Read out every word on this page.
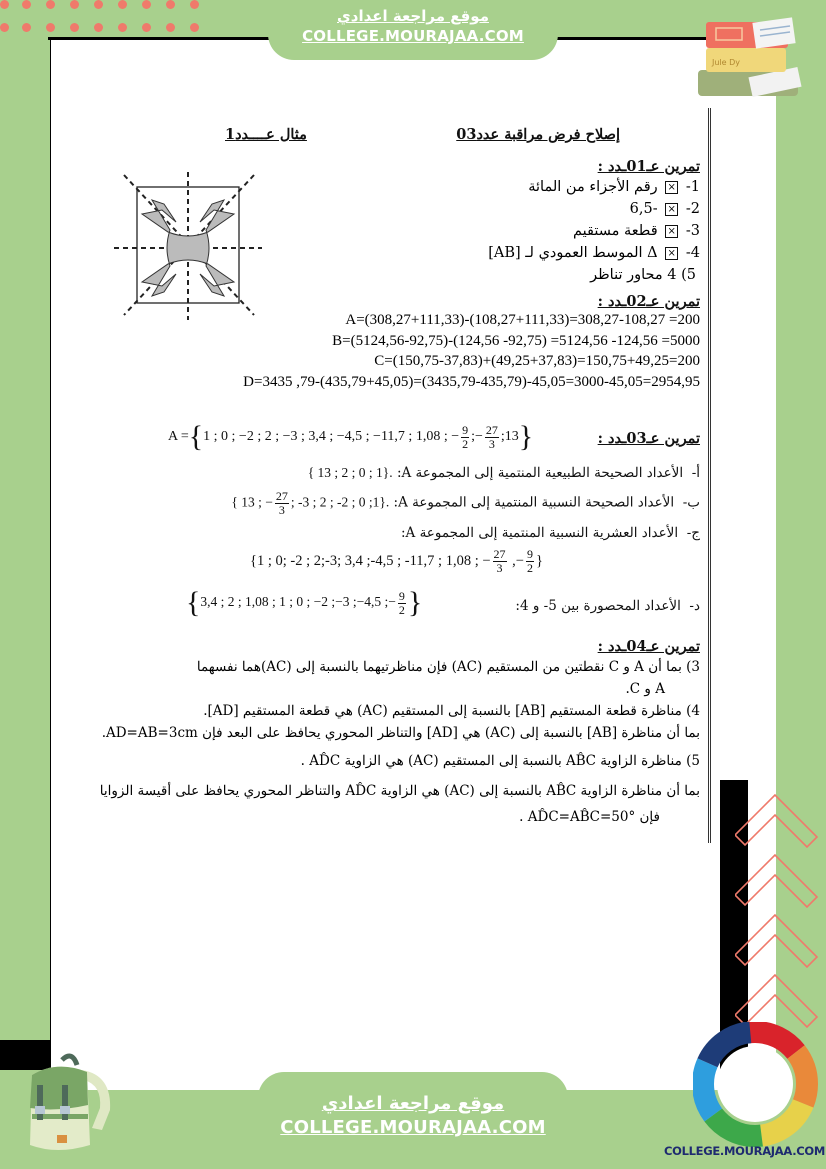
موقع مراجعة اعدادي
COLLEGE.MOURAJAA.COM
موقع مراجعة اعدادي
COLLEGE.MOURAJAA.COM
Jule Dy
إصلاح فرض مراقبة عدد03
مثال عــــدد1
تمرين عـ01ـدد :
1- × رقم الأجزاء من المائة
2- × -6,5
3- × قطعة مستقيم
4- × Δ الموسط العمودي لـ [AB]
5) 4 محاور تناظر
تمرين عـ02ـدد :
A=(308,27+111,33)-(108,27+111,33)=308,27-108,27 =200
B=(5124,56-92,75)-(124,56 -92,75) =5124,56 -124,56 =5000
C=(150,75-37,83)+(49,25+37,83)=150,75+49,25=200
D=3435 ,79-(435,79+45,05)=(3435,79-435,79)-45,05=3000-45,05=2954,95
تمرين عـ03ـدد :
A ={1 ; 0 ; −2 ; 2 ; −3 ; 3,4 ; −4,5 ; −11,7 ; 1,08 ; − $\frac{9}{2}$ ;− $\frac{27}{3}$ ;13}
أ-  الأعداد الصحيحة الطبيعية المنتمية إلى المجموعة A: { 13 ; 2 ; 0 ; 1}.
ب-  الأعداد الصحيحة النسبية المنتمية إلى المجموعة A: { 13 ; − $\frac{27}{3}$ ; -3 ; 2 ; -2 ; 0 ;1}.
ج-  الأعداد العشرية النسبية المنتمية إلى المجموعة A:
{1 ; 0; -2 ; 2;-3; 3,4 ;-4,5 ; -11,7 ; 1,08 ; − $\frac{27}{3}$ ,− $\frac{9}{2}$ }
د-  الأعداد المحصورة بين 5- و 4:
{3,4 ; 2 ; 1,08 ; 1 ; 0 ; −2 ;−3 ;−4,5 ;− $\frac{9}{2}$ }
تمرين عـ04ـدد :
3) بما أن A و C نقطتين من المستقيم (AC) فإن مناظرتيهما بالنسبة إلى (AC)هما نفسهما
A و C.
4) مناظرة قطعة المستقيم [AB] بالنسبة إلى المستقيم (AC) هي قطعة المستقيم [AD].
بما أن مناظرة [AB] بالنسبة إلى (AC) هي [AD] والتناظر المحوري يحافظ على البعد فإن AD=AB=3cm.
5) مناظرة الزاوية AB̂C بالنسبة إلى المستقيم (AC) هي الزاوية AD̂C .
بما أن مناظرة الزاوية AB̂C بالنسبة إلى (AC) هي الزاوية AD̂C والتناظر المحوري يحافظ على أقيسة الزوايا
فإن AD̂C=AB̂C=50° .
COLLEGE.MOURAJAA.COM
